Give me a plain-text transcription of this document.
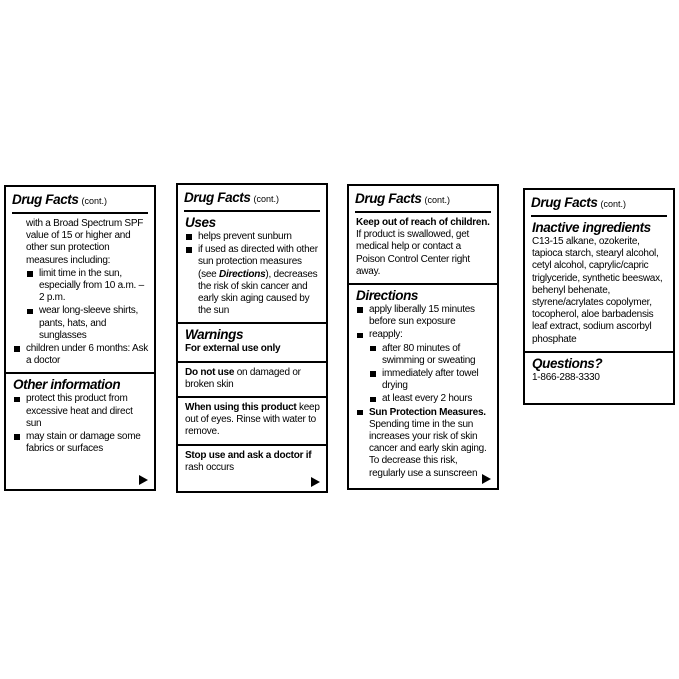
Drug Facts (cont.)
with a Broad Spectrum SPF value of 15 or higher and other sun protection measures including:
limit time in the sun, especially from 10 a.m. – 2 p.m.
wear long-sleeve shirts, pants, hats, and sunglasses
children under 6 months: Ask a doctor
Other information
protect this product from excessive heat and direct sun
may stain or damage some fabrics or surfaces
Drug Facts (cont.)
Uses
helps prevent sunburn
if used as directed with other sun protection measures (see Directions), decreases the risk of skin cancer and early skin aging caused by the sun
Warnings
For external use only
Do not use on damaged or broken skin
When using this product keep out of eyes. Rinse with water to remove.
Stop use and ask a doctor if rash occurs
Drug Facts (cont.)
Keep out of reach of children. If product is swallowed, get medical help or contact a Poison Control Center right away.
Directions
apply liberally 15 minutes before sun exposure
reapply:
after 80 minutes of swimming or sweating
immediately after towel drying
at least every 2 hours
Sun Protection Measures. Spending time in the sun increases your risk of skin cancer and early skin aging. To decrease this risk, regularly use a sunscreen
Drug Facts (cont.)
Inactive ingredients
C13-15 alkane, ozokerite, tapioca starch, stearyl alcohol, cetyl alcohol, caprylic/capric triglyceride, synthetic beeswax, behenyl behenate, styrene/acrylates copolymer, tocopherol, aloe barbadensis leaf extract, sodium ascorbyl phosphate
Questions?
1-866-288-3330
